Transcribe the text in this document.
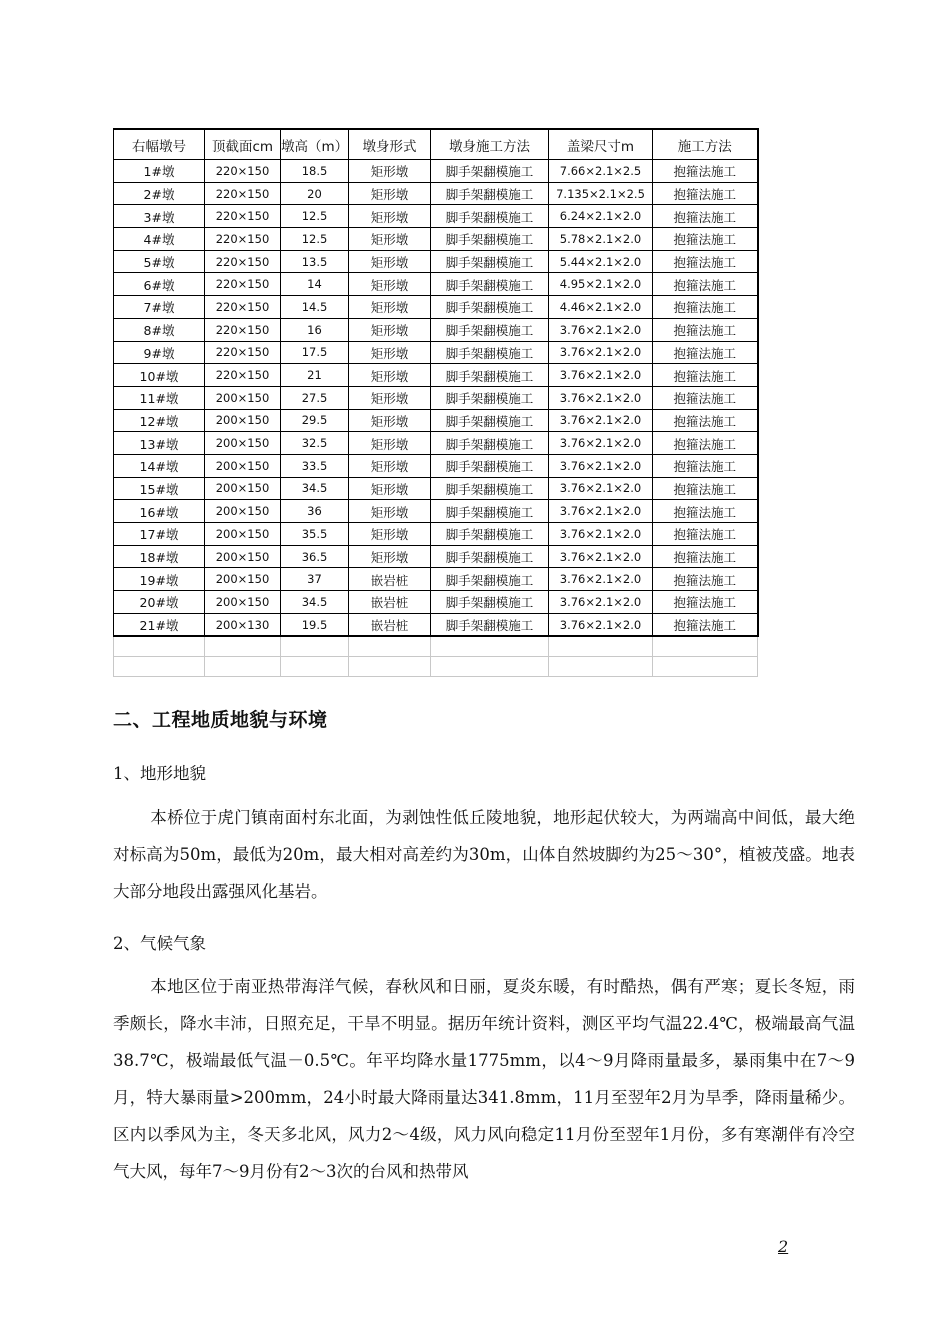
右幅墩号	顶截面cm	墩高（m）	墩身形式	墩身施工方法	盖梁尺寸m	施工方法
1#墩	220×150	18.5	矩形墩	脚手架翻模施工	7.66×2.1×2.5	抱箍法施工
2#墩	220×150	20	矩形墩	脚手架翻模施工	7.135×2.1×2.5	抱箍法施工
3#墩	220×150	12.5	矩形墩	脚手架翻模施工	6.24×2.1×2.0	抱箍法施工
4#墩	220×150	12.5	矩形墩	脚手架翻模施工	5.78×2.1×2.0	抱箍法施工
5#墩	220×150	13.5	矩形墩	脚手架翻模施工	5.44×2.1×2.0	抱箍法施工
6#墩	220×150	14	矩形墩	脚手架翻模施工	4.95×2.1×2.0	抱箍法施工
7#墩	220×150	14.5	矩形墩	脚手架翻模施工	4.46×2.1×2.0	抱箍法施工
8#墩	220×150	16	矩形墩	脚手架翻模施工	3.76×2.1×2.0	抱箍法施工
9#墩	220×150	17.5	矩形墩	脚手架翻模施工	3.76×2.1×2.0	抱箍法施工
10#墩	220×150	21	矩形墩	脚手架翻模施工	3.76×2.1×2.0	抱箍法施工
11#墩	200×150	27.5	矩形墩	脚手架翻模施工	3.76×2.1×2.0	抱箍法施工
12#墩	200×150	29.5	矩形墩	脚手架翻模施工	3.76×2.1×2.0	抱箍法施工
13#墩	200×150	32.5	矩形墩	脚手架翻模施工	3.76×2.1×2.0	抱箍法施工
14#墩	200×150	33.5	矩形墩	脚手架翻模施工	3.76×2.1×2.0	抱箍法施工
15#墩	200×150	34.5	矩形墩	脚手架翻模施工	3.76×2.1×2.0	抱箍法施工
16#墩	200×150	36	矩形墩	脚手架翻模施工	3.76×2.1×2.0	抱箍法施工
17#墩	200×150	35.5	矩形墩	脚手架翻模施工	3.76×2.1×2.0	抱箍法施工
18#墩	200×150	36.5	矩形墩	脚手架翻模施工	3.76×2.1×2.0	抱箍法施工
19#墩	200×150	37	嵌岩桩	脚手架翻模施工	3.76×2.1×2.0	抱箍法施工
20#墩	200×150	34.5	嵌岩桩	脚手架翻模施工	3.76×2.1×2.0	抱箍法施工
21#墩	200×130	19.5	嵌岩桩	脚手架翻模施工	3.76×2.1×2.0	抱箍法施工

二、工程地质地貌与环境
1、地形地貌

本桥位于虎门镇南面村东北面，为剥蚀性低丘陵地貌，地形起伏较大，为两端高中间低，最大绝对标高为50m，最低为20m，最大相对高差约为30m，山体自然坡脚约为25～30°，植被茂盛。地表大部分地段出露强风化基岩。

2、气候气象

本地区位于南亚热带海洋气候，春秋风和日丽，夏炎东暖，有时酷热，偶有严寒；夏长冬短，雨季颇长，降水丰沛，日照充足，干旱不明显。据历年统计资料，测区平均气温22.4℃，极端最高气温38.7℃，极端最低气温－0.5℃。年平均降水量1775mm，以4～9月降雨量最多，暴雨集中在7～9月，特大暴雨量>200mm，24小时最大降雨量达341.8mm，11月至翌年2月为旱季，降雨量稀少。区内以季风为主，冬天多北风，风力2～4级，风力风向稳定11月份至翌年1月份，多有寒潮伴有冷空气大风，每年7～9月份有2～3次的台风和热带风

2
